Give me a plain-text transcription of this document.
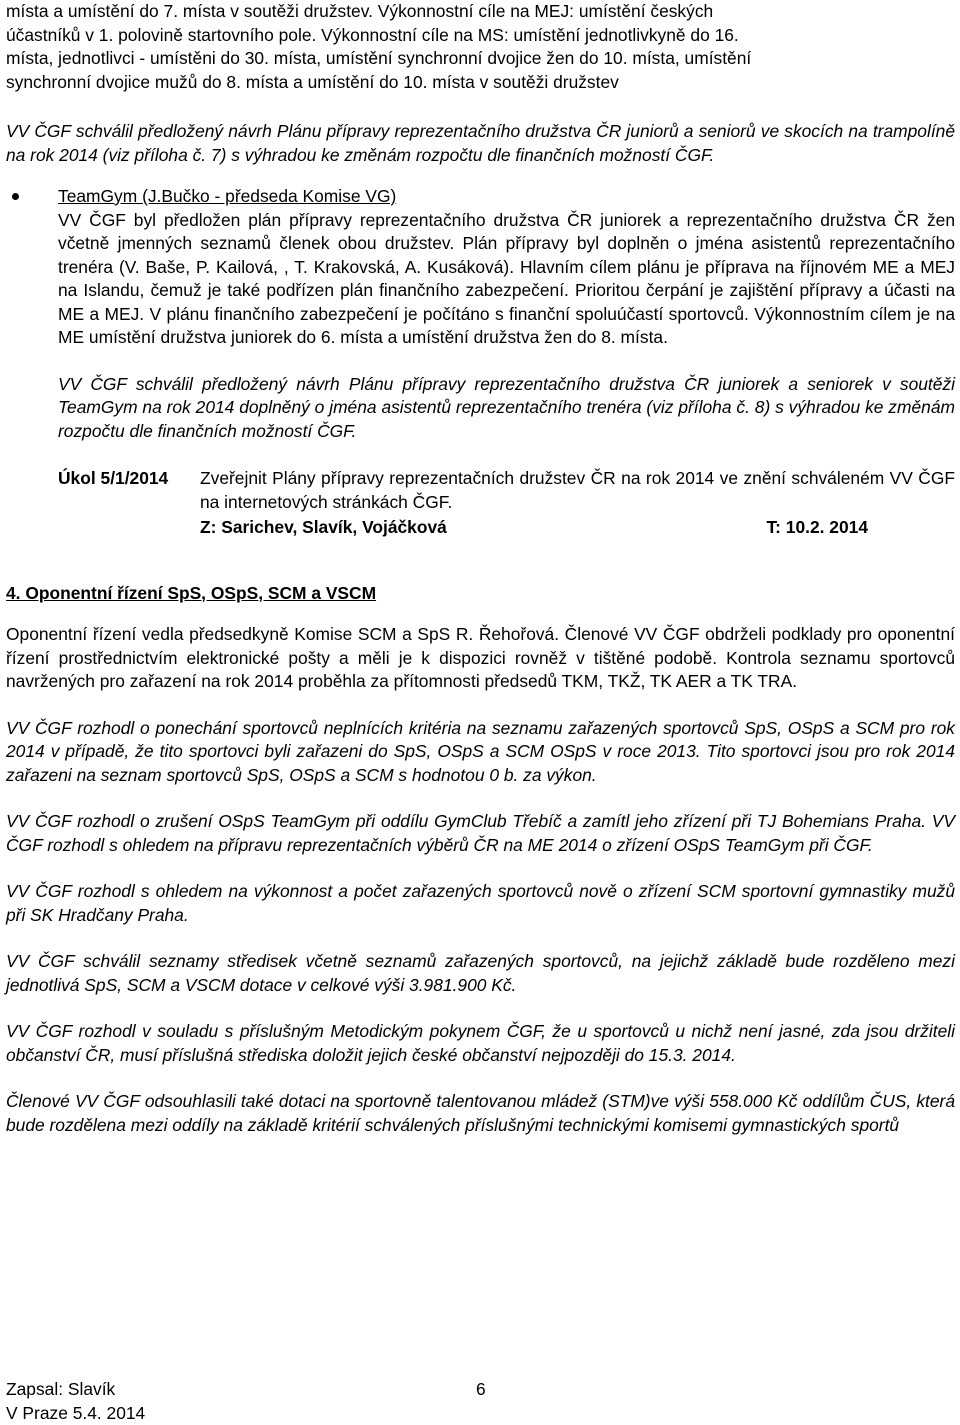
místa a umístění do 7. místa v soutěži družstev. Výkonnostní cíle na MEJ: umístění českých
účastníků v 1. polovině startovního pole. Výkonnostní cíle na MS: umístění jednotlivkyně do 16.
místa, jednotlivci - umístěni do 30. místa, umístění synchronní dvojice žen do 10. místa, umístění
synchronní dvojice mužů do 8. místa a umístění do 10. místa v soutěži družstev

VV ČGF schválil předložený návrh Plánu přípravy reprezentačního družstva ČR juniorů a seniorů ve skocích na trampolíně na rok 2014 (viz příloha č. 7) s výhradou ke změnám rozpočtu dle finančních možností ČGF.

TeamGym (J.Bučko - předseda Komise VG)

VV ČGF byl předložen plán přípravy reprezentačního družstva ČR juniorek a reprezentačního družstva ČR žen včetně jmenných seznamů členek obou družstev. Plán přípravy byl doplněn o jména asistentů reprezentačního trenéra (V. Baše, P. Kailová, , T. Krakovská, A. Kusáková). Hlavním cílem plánu je příprava na říjnovém ME a MEJ na Islandu, čemuž je také podřízen plán finančního zabezpečení. Prioritou čerpání je zajištění přípravy a účasti na ME a MEJ. V plánu finančního zabezpečení je počítáno s finanční spoluúčastí sportovců. Výkonnostním cílem je na ME umístění družstva juniorek do 6. místa a umístění družstva žen do 8. místa.

VV ČGF schválil předložený návrh Plánu přípravy reprezentačního družstva ČR juniorek a seniorek v soutěži TeamGym na rok 2014 doplněný o jména asistentů reprezentačního trenéra (viz příloha č. 8) s výhradou ke změnám rozpočtu dle finančních možností ČGF.

Úkol 5/1/2014	Zveřejnit Plány přípravy reprezentačních družstev ČR na rok 2014 ve znění schváleném VV ČGF na internetových stránkách ČGF.

Z: Sarichev, Slavík, Vojáčková	T: 10.2. 2014
4. Oponentní řízení SpS, OSpS, SCM a VSCM

Oponentní řízení vedla předsedkyně Komise SCM a SpS R. Řehořová. Členové VV ČGF obdrželi podklady pro oponentní řízení prostřednictvím elektronické pošty a měli je k dispozici rovněž v tištěné podobě. Kontrola seznamu sportovců navržených pro zařazení na rok 2014 proběhla za přítomnosti předsedů TKM, TKŽ, TK AER a TK TRA.

VV ČGF rozhodl o ponechání sportovců neplnících kritéria na seznamu zařazených sportovců SpS, OSpS a SCM pro rok 2014 v případě, že tito sportovci byli zařazeni do SpS, OSpS a SCM OSpS v roce 2013. Tito sportovci jsou pro rok 2014 zařazeni na seznam sportovců SpS, OSpS a SCM s hodnotou 0 b. za výkon.

VV ČGF rozhodl o zrušení OSpS TeamGym při oddílu GymClub Třebíč a zamítl jeho zřízení při TJ Bohemians Praha. VV ČGF rozhodl s ohledem na přípravu reprezentačních výběrů ČR na ME 2014 o zřízení OSpS TeamGym při ČGF.

VV ČGF rozhodl s ohledem na výkonnost a počet zařazených sportovců nově o zřízení SCM sportovní gymnastiky mužů při SK Hradčany Praha.

VV ČGF schválil seznamy středisek včetně seznamů zařazených sportovců, na jejichž základě bude rozděleno mezi jednotlivá SpS, SCM a VSCM dotace v celkové výši 3.981.900 Kč.

VV ČGF rozhodl v souladu s příslušným Metodickým pokynem ČGF, že u sportovců u nichž není jasné, zda jsou držiteli občanství ČR, musí příslušná střediska doložit jejich české občanství nejpozději do 15.3. 2014.

Členové VV ČGF odsouhlasili také dotaci na sportovně talentovanou mládež (STM)ve výši 558.000 Kč oddílům ČUS, která bude rozdělena mezi oddíly na základě kritérií schválených příslušnými technickými komisemi gymnastických sportů

Zapsal: Slavík	6
V Praze 5.4. 2014
